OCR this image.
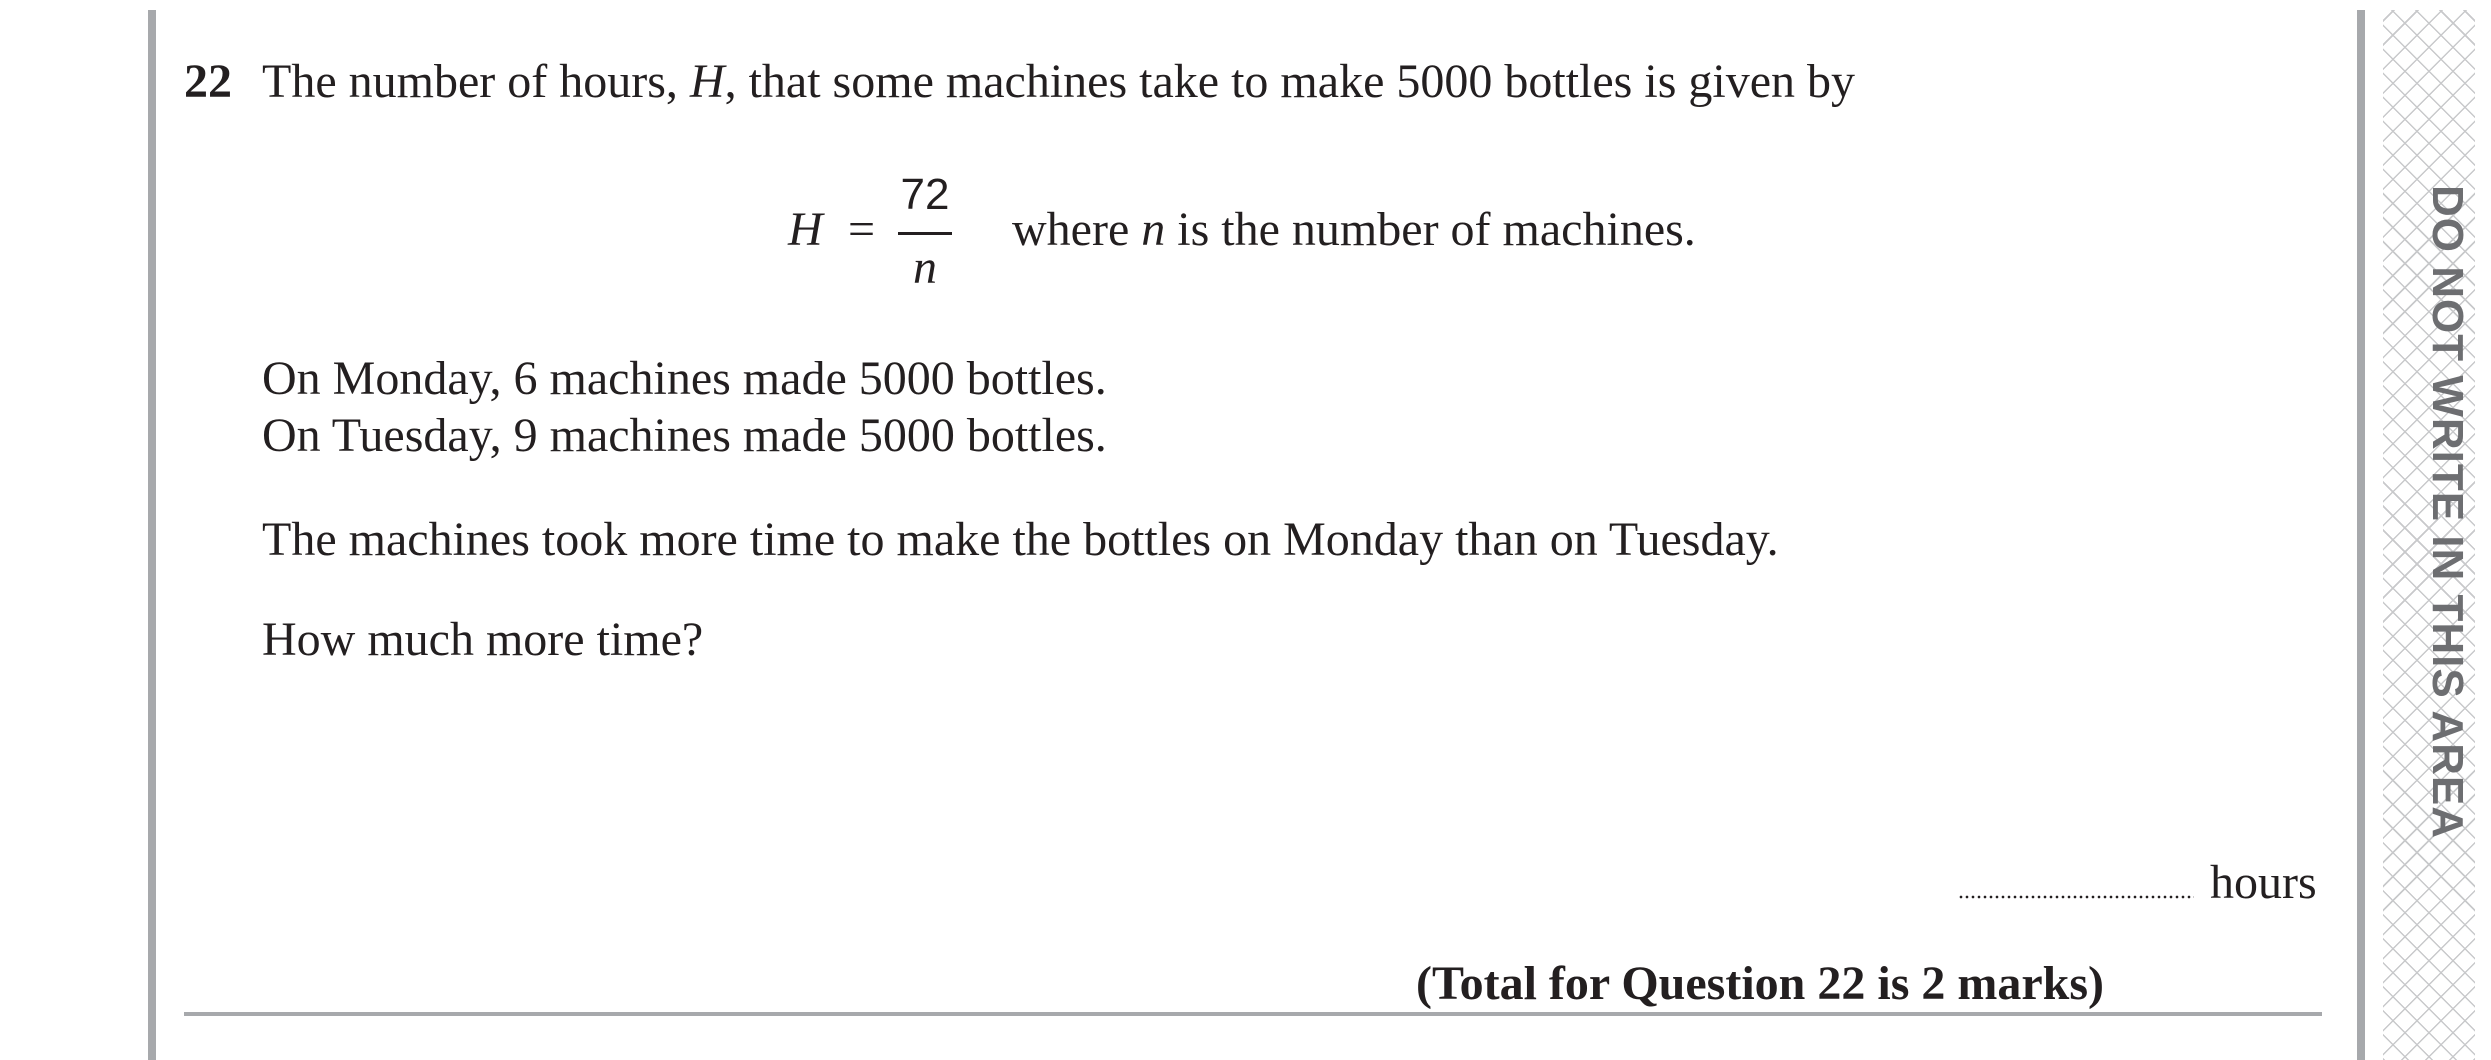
DO NOT WRITE IN THIS AREA
22 The number of hours, H, that some machines take to make 5000 bottles is given by
H =
72
n
where n is the number of machines.
On Monday, 6 machines made 5000 bottles.
On Tuesday, 9 machines made 5000 bottles.
The machines took more time to make the bottles on Monday than on Tuesday.
How much more time?
hours
(Total for Question 22 is 2 marks)
